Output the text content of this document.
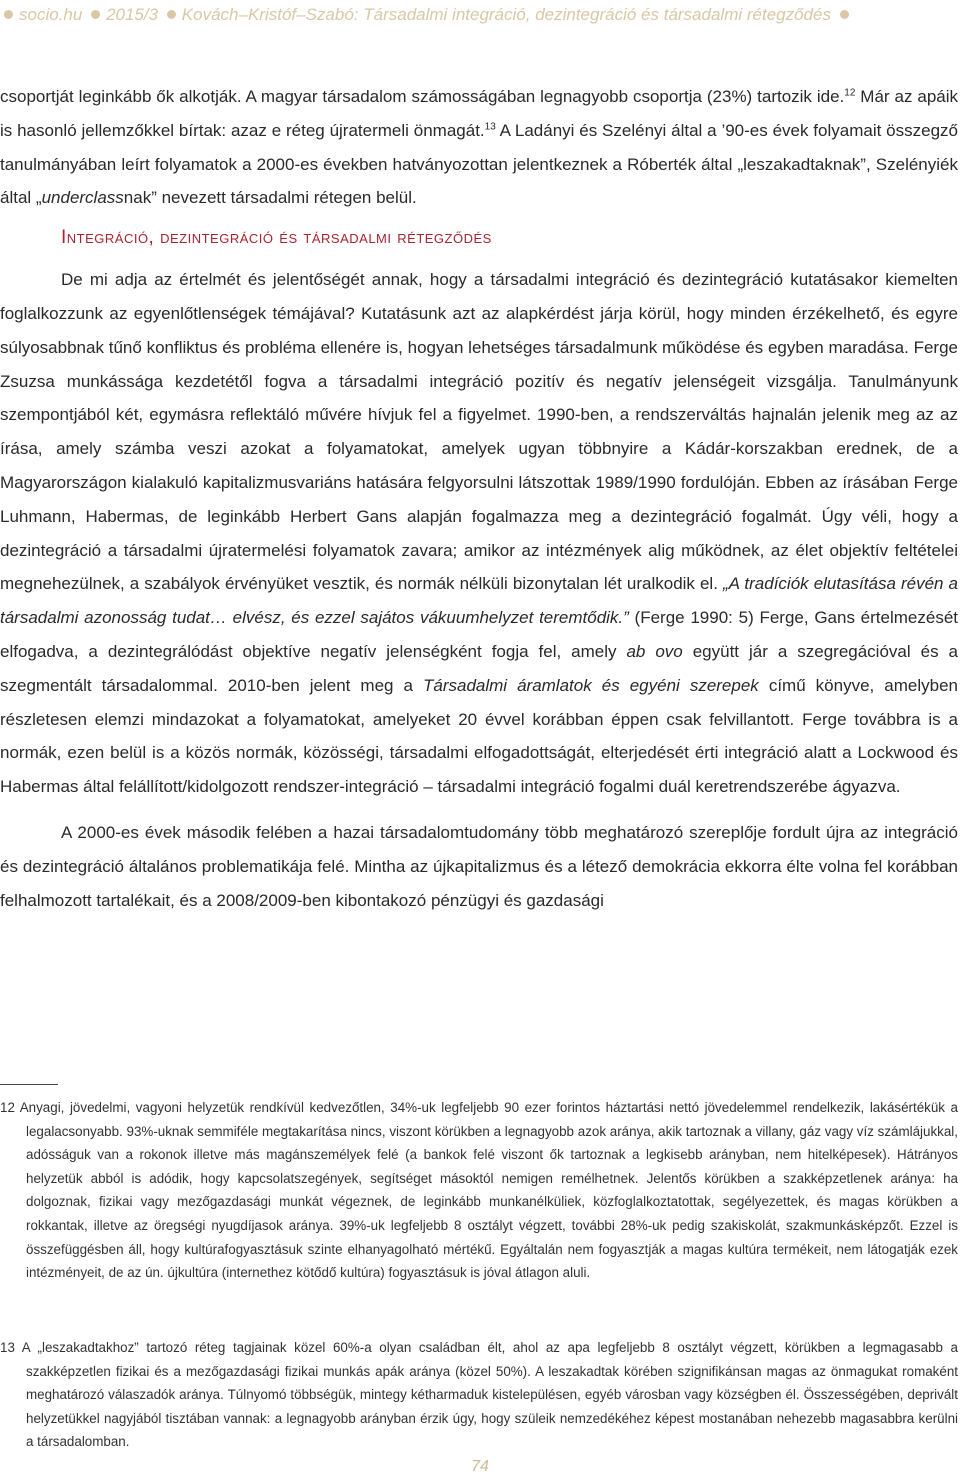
socio.hu 2015/3 Kovách–Kristóf–Szabó: Társadalmi integráció, dezintegráció és társadalmi rétegződés

csoportját leginkább ők alkotják. A magyar társadalom számosságában legnagyobb csoportja (23%) tartozik ide.$^{12}$ Már az apáik is hasonló jellemzőkkel bírtak: azaz e réteg újratermeli önmagát.$^{13}$ A Ladányi és Szelényi által a ’90-es évek folyamait összegző tanulmányában leírt folyamatok a 2000-es években hatványozottan jelentkeznek a Róberték által „leszakadtaknak”, Szelényiék által „underclassnak” nevezett társadalmi rétegen belül.

Integráció, dezintegráció és társadalmi rétegződés

De mi adja az értelmét és jelentőségét annak, hogy a társadalmi integráció és dezintegráció kutatásakor kiemelten foglalkozzunk az egyenlőtlenségek témájával? Kutatásunk azt az alapkérdést járja körül, hogy minden érzékelhető, és egyre súlyosabbnak tűnő konfliktus és probléma ellenére is, hogyan lehetséges társadalmunk működése és egyben maradása. Ferge Zsuzsa munkássága kezdetétől fogva a társadalmi integráció pozitív és negatív jelenségeit vizsgálja. Tanulmányunk szempontjából két, egymásra reflektáló művére hívjuk fel a figyelmet. 1990-ben, a rendszerváltás hajnalán jelenik meg az az írása, amely számba veszi azokat a folyamatokat, amelyek ugyan többnyire a Kádár-korszakban erednek, de a Magyarországon kialakuló kapitalizmusvariáns hatására felgyorsulni látszottak 1989/1990 fordulóján. Ebben az írásában Ferge Luhmann, Habermas, de leginkább Herbert Gans alapján fogalmazza meg a dezintegráció fogalmát. Úgy véli, hogy a dezintegráció a társadalmi újratermelési folyamatok zavara; amikor az intézmények alig működnek, az élet objektív feltételei megnehezülnek, a szabályok érvényüket vesztik, és normák nélküli bizonytalan lét uralkodik el. „A tradíciók elutasítása révén a társadalmi azonosság tudat… elvész, és ezzel sajátos vákuumhelyzet teremtődik.” (Ferge 1990: 5) Ferge, Gans értelmezését elfogadva, a dezintegrálódást objektíve negatív jelenségként fogja fel, amely ab ovo együtt jár a szegregációval és a szegmentált társadalommal. 2010-ben jelent meg a Társadalmi áramlatok és egyéni szerepek című könyve, amelyben részletesen elemzi mindazokat a folyamatokat, amelyeket 20 évvel korábban éppen csak felvillantott. Ferge továbbra is a normák, ezen belül is a közös normák, közösségi, társadalmi elfogadottságát, elterjedését érti integráció alatt a Lockwood és Habermas által felállított/kidolgozott rendszer-integráció – társadalmi integráció fogalmi duál keretrendszerébe ágyazva.

A 2000-es évek második felében a hazai társadalomtudomány több meghatározó szereplője fordult újra az integráció és dezintegráció általános problematikája felé. Mintha az újkapitalizmus és a létező demokrácia ekkorra élte volna fel korábban felhalmozott tartalékait, és a 2008/2009-ben kibontakozó pénzügyi és gazdasági

12 Anyagi, jövedelmi, vagyoni helyzetük rendkívül kedvezőtlen, 34%-uk legfeljebb 90 ezer forintos háztartási nettó jövedelemmel rendelkezik, lakásértékük a legalacsonyabb. 93%-uknak semmiféle megtakarítása nincs, viszont körükben a legnagyobb azok aránya, akik tartoznak a villany, gáz vagy víz számlájukkal, adósságuk van a rokonok illetve más magánszemélyek felé (a bankok felé viszont ők tartoznak a legkisebb arányban, nem hitelképesek). Hátrányos helyzetük abból is adódik, hogy kapcsolatszegények, segítséget másoktól nemigen remélhetnek. Jelentős körükben a szakképzetlenek aránya: ha dolgoznak, fizikai vagy mezőgazdasági munkát végeznek, de leginkább munkanélküliek, közfoglalkoztatottak, segélyezettek, és magas körükben a rokkantak, illetve az öregségi nyugdíjasok aránya. 39%-uk legfeljebb 8 osztályt végzett, további 28%-uk pedig szakiskolát, szakmunkásképzőt. Ezzel is összefüggésben áll, hogy kultúrafogyasztásuk szinte elhanyagolható mértékű. Egyáltalán nem fogyasztják a magas kultúra termékeit, nem látogatják ezek intézményeit, de az ún. újkultúra (internethez kötődő kultúra) fogyasztásuk is jóval átlagon aluli.
13 A „leszakadtakhoz” tartozó réteg tagjainak közel 60%-a olyan családban élt, ahol az apa legfeljebb 8 osztályt végzett, körükben a legmagasabb a szakképzetlen fizikai és a mezőgazdasági fizikai munkás apák aránya (közel 50%). A leszakadtak körében szignifikánsan magas az önmagukat romaként meghatározó válaszadók aránya. Túlnyomó többségük, mintegy kétharmaduk kistelepülésen, egyéb városban vagy községben él. Összességében, deprivált helyzetükkel nagyjából tisztában vannak: a legnagyobb arányban érzik úgy, hogy szüleik nemzedékéhez képest mostanában nehezebb magasabbra kerülni a társadalomban.
74
